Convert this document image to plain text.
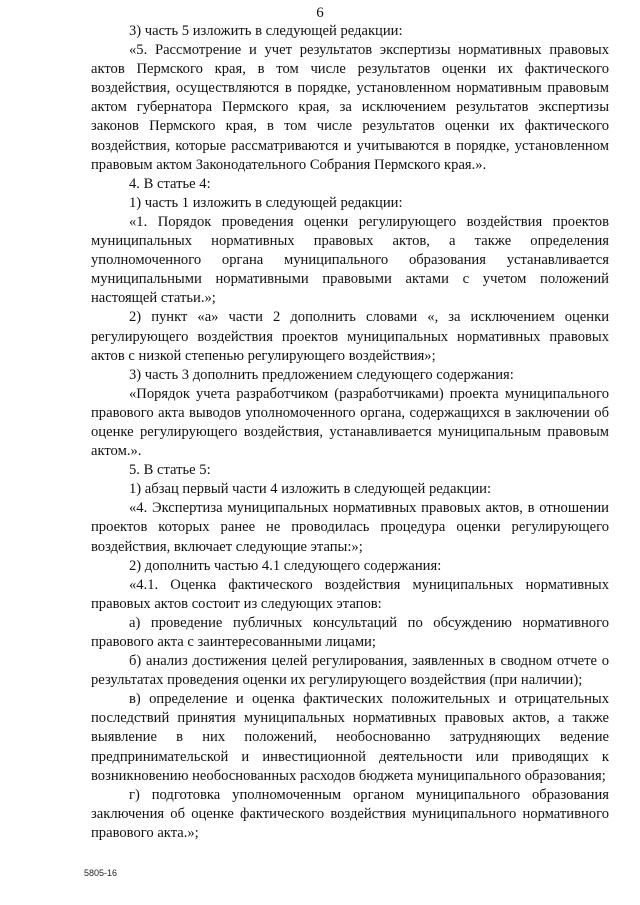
6

3) часть 5 изложить в следующей редакции:

«5. Рассмотрение и учет результатов экспертизы нормативных правовых актов Пермского края, в том числе результатов оценки их фактического воздействия, осуществляются в порядке, установленном нормативным правовым актом губернатора Пермского края, за исключением результатов экспертизы законов Пермского края, в том числе результатов оценки их фактического воздействия, которые рассматриваются и учитываются в порядке, установленном правовым актом Законодательного Собрания Пермского края.».

4. В статье 4:

1) часть 1 изложить в следующей редакции:

«1. Порядок проведения оценки регулирующего воздействия проектов муниципальных нормативных правовых актов, а также определения уполномоченного органа муниципального образования устанавливается муниципальными нормативными правовыми актами с учетом положений настоящей статьи.»;

2) пункт «а» части 2 дополнить словами «, за исключением оценки регулирующего воздействия проектов муниципальных нормативных правовых актов с низкой степенью регулирующего воздействия»;

3) часть 3 дополнить предложением следующего содержания:

«Порядок учета разработчиком (разработчиками) проекта муниципального правового акта выводов уполномоченного органа, содержащихся в заключении об оценке регулирующего воздействия, устанавливается муниципальным правовым актом.».

5. В статье 5:

1) абзац первый части 4 изложить в следующей редакции:

«4. Экспертиза муниципальных нормативных правовых актов, в отношении проектов которых ранее не проводилась процедура оценки регулирующего воздействия, включает следующие этапы:»;

2) дополнить частью 4.1 следующего содержания:

«4.1. Оценка фактического воздействия муниципальных нормативных правовых актов состоит из следующих этапов:

а) проведение публичных консультаций по обсуждению нормативного правового акта с заинтересованными лицами;

б) анализ достижения целей регулирования, заявленных в сводном отчете о результатах проведения оценки их регулирующего воздействия (при наличии);

в) определение и оценка фактических положительных и отрицательных последствий принятия муниципальных нормативных правовых актов, а также выявление в них положений, необоснованно затрудняющих ведение предпринимательской и инвестиционной деятельности или приводящих к возникновению необоснованных расходов бюджета муниципального образования;

г) подготовка уполномоченным органом муниципального образования заключения об оценке фактического воздействия муниципального нормативного правового акта.»;

5805-16
